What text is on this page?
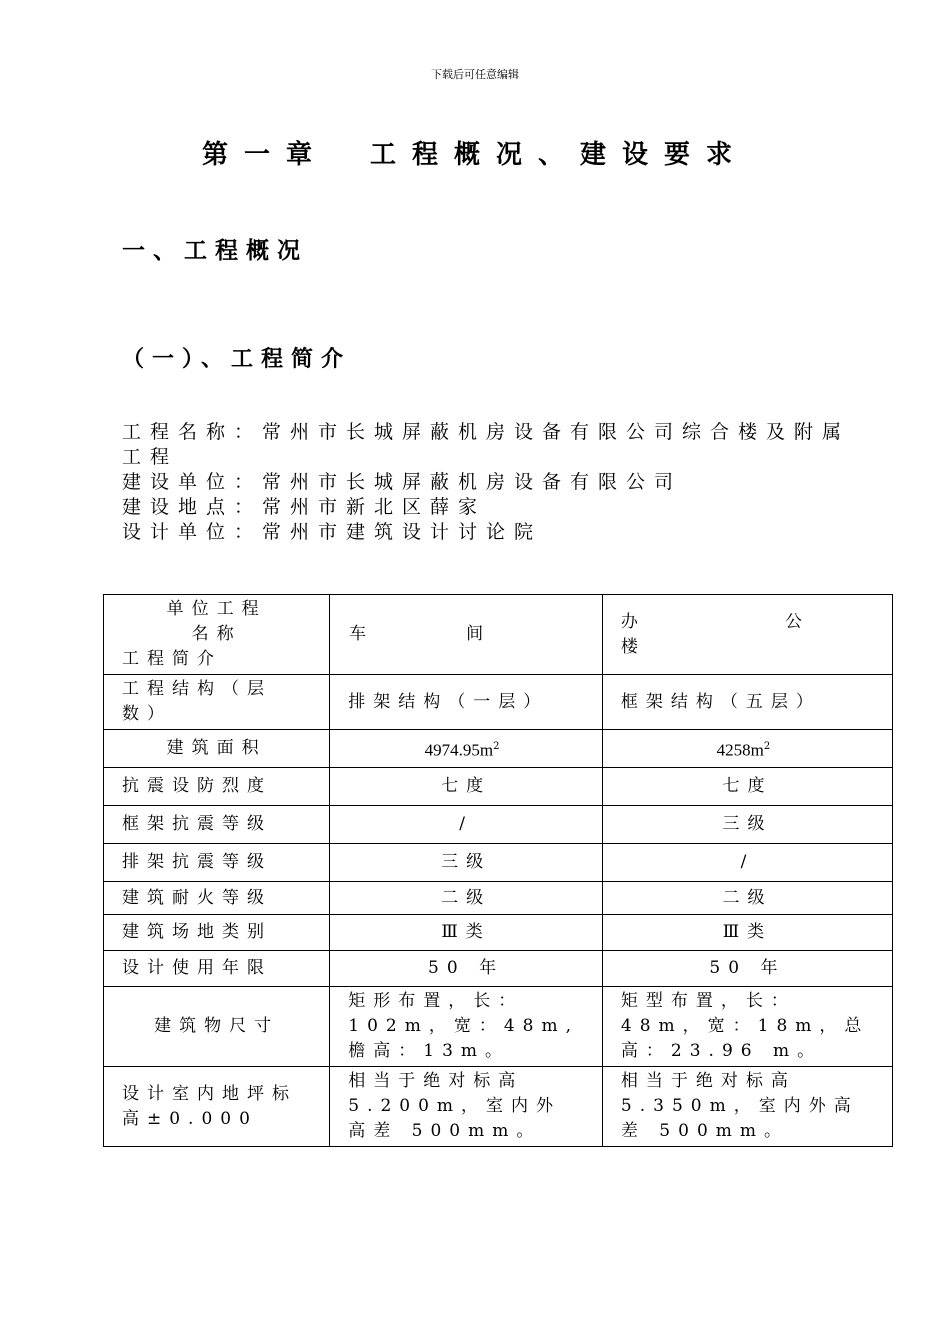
下载后可任意编辑
第一章　工程概况、建设要求
一、工程概况
（一）、工程简介
工程名称：常州市长城屏蔽机房设备有限公司综合楼及附属工程
建设单位：常州市长城屏蔽机房设备有限公司
建设地点：常州市新北区薛家
设计单位：常州市建筑设计讨论院
单位工程
名称
工程简介	车间	办公楼
工程结构（层数）	排架结构（一层）	框架结构（五层）
建筑面积	$4974.95m^2$	$4258m^2$
抗震设防烈度	七度	七度
框架抗震等级	/	三级
排架抗震等级	三级	/
建筑耐火等级	二级	二级
建筑场地类别	Ⅲ类	Ⅲ类
设计使用年限	50 年	50 年
建筑物尺寸	矩形布置，长：102m，宽：48m, 檐高：13m。	矩型布置，长：48m，宽：18m，总高：23.96 m。
设计室内地坪标高±0.000	相当于绝对标高5.200m，室内外高差 500mm。	相当于绝对标高5.350m，室内外高差 500mm。
